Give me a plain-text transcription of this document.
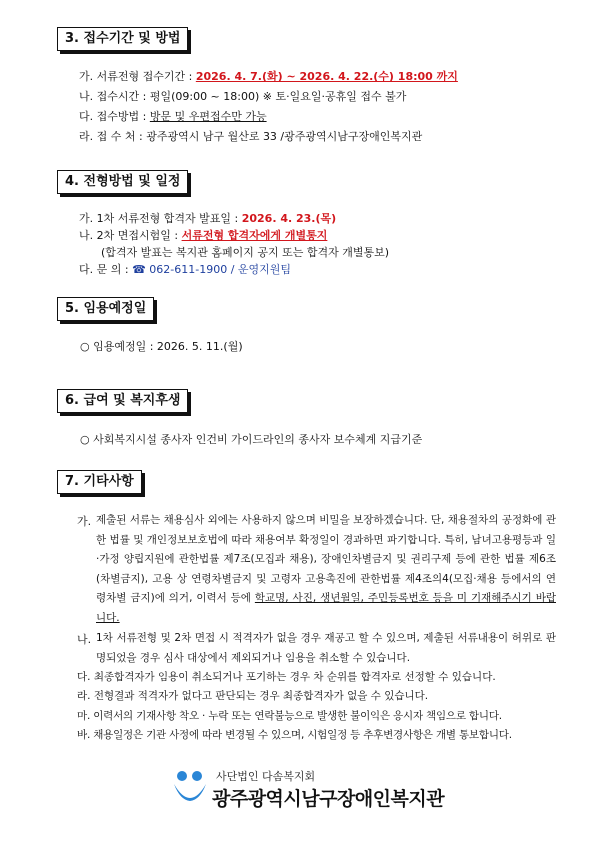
3. 접수기간 및 방법
가. 서류전형 접수기간 : 2026. 4. 7.(화) ~ 2026. 4. 22.(수) 18:00 까지
나. 접수시간 : 평일(09:00 ~ 18:00) ※ 토·일요일·공휴일 접수 불가
다. 접수방법 : 방문 및 우편접수만 가능
라. 접 수 처 : 광주광역시 남구 월산로 33 /광주광역시남구장애인복지관
4. 전형방법 및 일정
가. 1차 서류전형 합격자 발표일 : 2026. 4. 23.(목)
나. 2차 면접시험일 : 서류전형 합격자에게 개별통지
(합격자 발표는 복지관 홈페이지 공지 또는 합격자 개별통보)
다. 문 의 : ☎ 062-611-1900 / 운영지원팀
5. 임용예정일
○ 임용예정일 : 2026. 5. 11.(월)
6. 급여 및 복지후생
○ 사회복지시설 종사자 인건비 가이드라인의 종사자 보수체계 지급기준
7. 기타사항
가. 제출된 서류는 채용심사 외에는 사용하지 않으며 비밀을 보장하겠습니다. 단, 채용절차의 공정화에 관한 법률 및 개인정보보호법에 따라 채용여부 확정일이 경과하면 파기합니다. 특히, 남녀고용평등과 일·가정 양립지원에 관한법률 제7조(모집과 채용), 장애인차별금지 및 권리구제 등에 관한 법률 제6조(차별금지), 고용 상 연령차별금지 및 고령자 고용촉진에 관한법률 제4조의4(모집·채용 등에서의 연령차별 금지)에 의거, 이력서 등에 학교명, 사진, 생년월일, 주민등록번호 등을 미 기재해주시기 바랍니다.

나. 1차 서류전형 및 2차 면접 시 적격자가 없을 경우 재공고 할 수 있으며, 제출된 서류내용이 허위로 판명되었을 경우 심사 대상에서 제외되거나 임용을 취소할 수 있습니다.

다. 최종합격자가 임용이 취소되거나 포기하는 경우 차 순위를 합격자로 선정할 수 있습니다.
라. 전형결과 적격자가 없다고 판단되는 경우 최종합격자가 없을 수 있습니다.
마. 이력서의 기재사항 착오 · 누락 또는 연락불능으로 발생한 불이익은 응시자 책임으로 합니다.
바. 채용일정은 기관 사정에 따라 변경될 수 있으며, 시험일정 등 추후변경사항은 개별 통보합니다.
사단법인 다솜복지회
광주광역시남구장애인복지관
